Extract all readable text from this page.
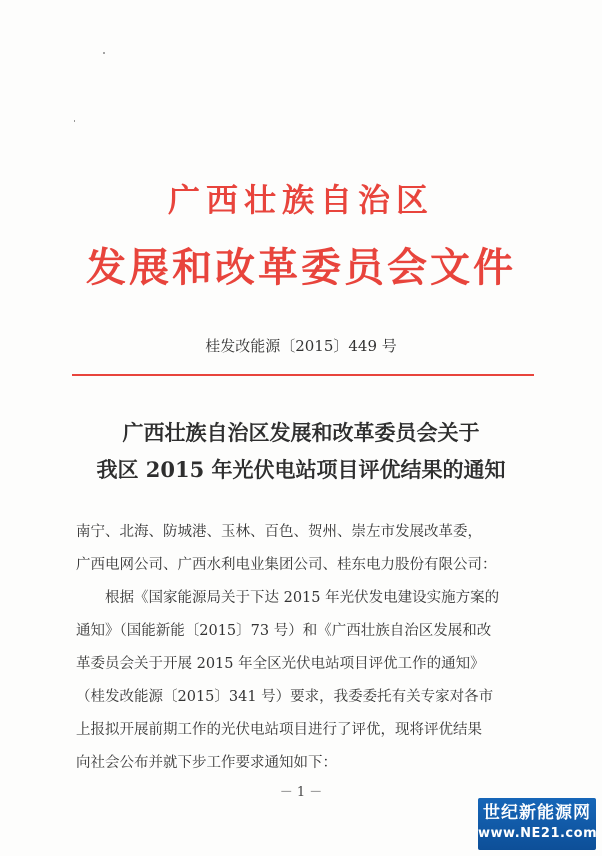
广西壮族自治区
发展和改革委员会文件
桂发改能源〔2015〕449 号
广西壮族自治区发展和改革委员会关于
我区 2015 年光伏电站项目评优结果的通知
南宁、北海、防城港、玉林、百色、贺州、崇左市发展改革委，
广西电网公司、广西水利电业集团公司、桂东电力股份有限公司：
　　根据《国家能源局关于下达 2015 年光伏发电建设实施方案的
通知》（国能新能〔2015〕73 号）和《广西壮族自治区发展和改
革委员会关于开展 2015 年全区光伏电站项目评优工作的通知》
（桂发改能源〔2015〕341 号）要求，我委委托有关专家对各市
上报拟开展前期工作的光伏电站项目进行了评优，现将评优结果
向社会公布并就下步工作要求通知如下：
－ 1 －
世纪新能源网
www.NE21.com
